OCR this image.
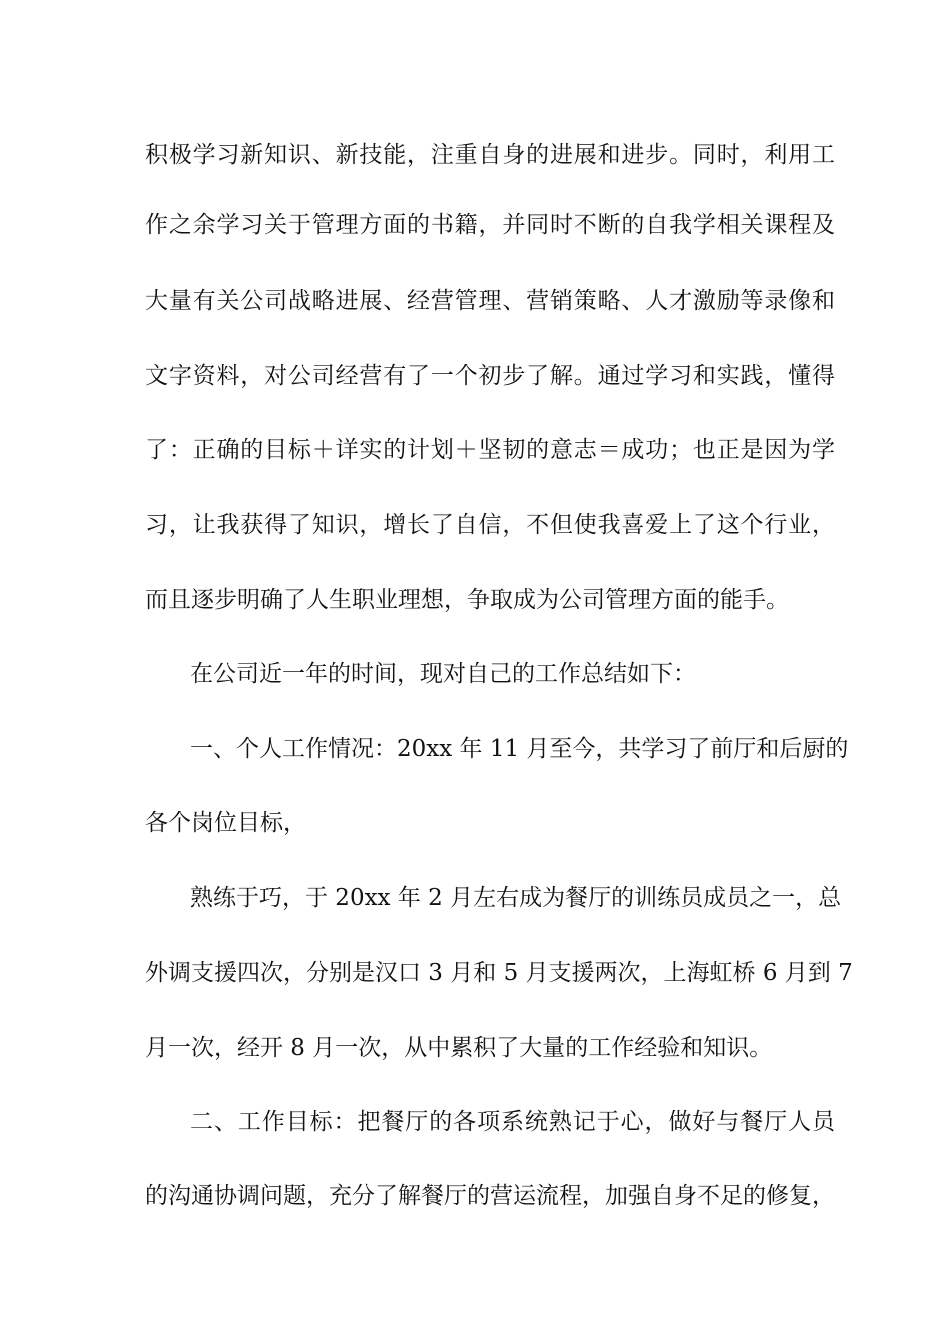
积极学习新知识、新技能，注重自身的进展和进步。同时，利用工
作之余学习关于管理方面的书籍，并同时不断的自我学相关课程及
大量有关公司战略进展、经营管理、营销策略、人才激励等录像和
文字资料，对公司经营有了一个初步了解。通过学习和实践，懂得
了：正确的目标＋详实的计划＋坚韧的意志＝成功；也正是因为学
习，让我获得了知识，增长了自信，不但使我喜爱上了这个行业，
而且逐步明确了人生职业理想，争取成为公司管理方面的能手。
在公司近一年的时间，现对自己的工作总结如下：
一、个人工作情况：20xx 年 11 月至今，共学习了前厅和后厨的
各个岗位目标，
熟练于巧，于 20xx 年 2 月左右成为餐厅的训练员成员之一，总
外调支援四次，分别是汉口 3 月和 5 月支援两次，上海虹桥 6 月到 7
月一次，经开 8 月一次，从中累积了大量的工作经验和知识。
二、工作目标：把餐厅的各项系统熟记于心，做好与餐厅人员
的沟通协调问题，充分了解餐厅的营运流程，加强自身不足的修复，
